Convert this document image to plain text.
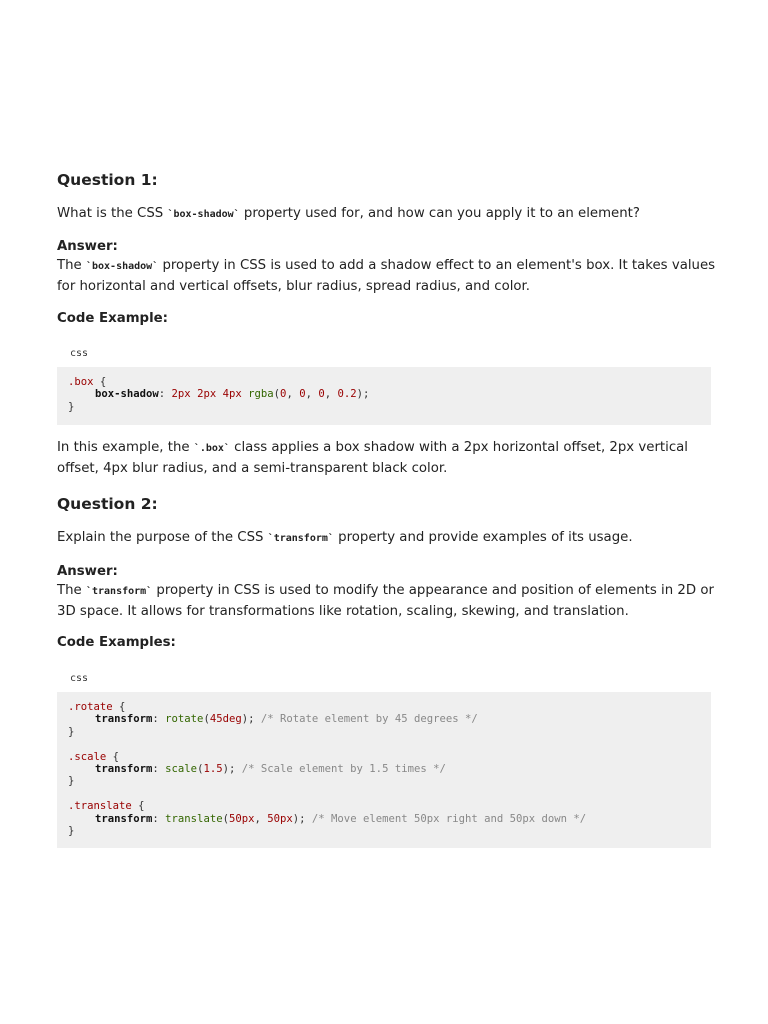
Question 1:

What is the CSS `box-shadow` property used for, and how can you apply it to an element?

Answer:

The `box-shadow` property in CSS is used to add a shadow effect to an element's box. It takes values
for horizontal and vertical offsets, blur radius, spread radius, and color.

Code Example:

css
.box {
box-shadow: 2px 2px 4px rgba(0, 0, 0, 0.2);
}

In this example, the `.box` class applies a box shadow with a 2px horizontal offset, 2px vertical
offset, 4px blur radius, and a semi-transparent black color.

Question 2:

Explain the purpose of the CSS `transform` property and provide examples of its usage.

Answer:

The `transform` property in CSS is used to modify the appearance and position of elements in 2D or
3D space. It allows for transformations like rotation, scaling, skewing, and translation.

Code Examples:

css
.rotate {
transform: rotate(45deg); /* Rotate element by 45 degrees */
}
.scale {
transform: scale(1.5); /* Scale element by 1.5 times */
}
.translate {
transform: translate(50px, 50px); /* Move element 50px right and 50px down */
}
